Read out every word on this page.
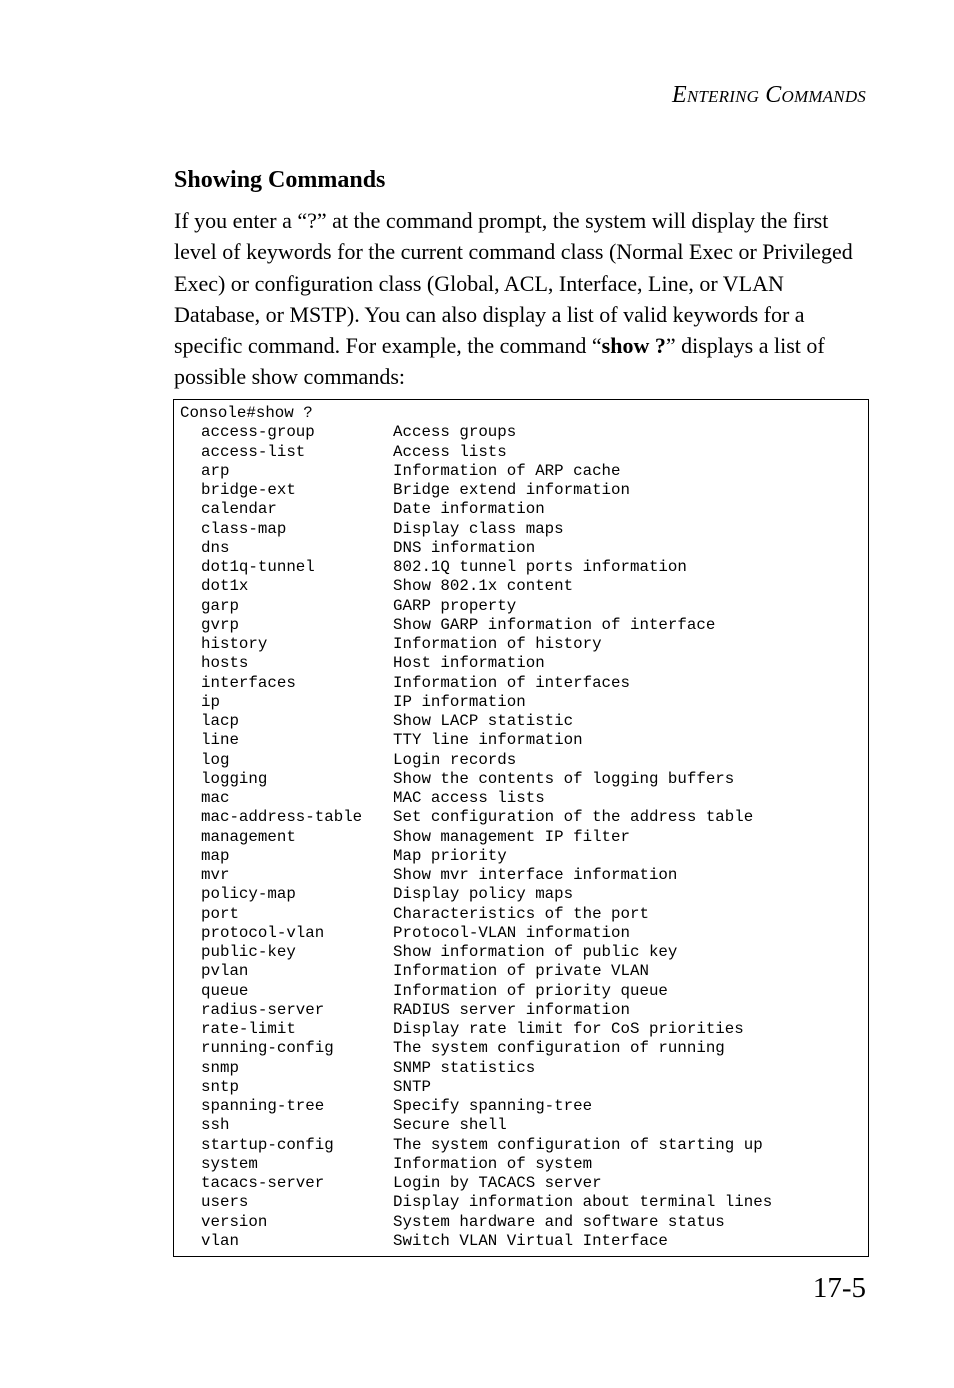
Entering Commands
Showing Commands

If you enter a “?” at the command prompt, the system will display the first level of keywords for the current command class (Normal Exec or Privileged Exec) or configuration class (Global, ACL, Interface, Line, or VLAN Database, or MSTP). You can also display a list of valid keywords for a specific command. For example, the command “show ?” displays a list of possible show commands:

Console#show ?
access-group	Access groups
access-list	Access lists
arp	Information of ARP cache
bridge-ext	Bridge extend information
calendar	Date information
class-map	Display class maps
dns	DNS information
dot1q-tunnel	802.1Q tunnel ports information
dot1x	Show 802.1x content
garp	GARP property
gvrp	Show GARP information of interface
history	Information of history
hosts	Host information
interfaces	Information of interfaces
ip	IP information
lacp	Show LACP statistic
line	TTY line information
log	Login records
logging	Show the contents of logging buffers
mac	MAC access lists
mac-address-table Set configuration of the address table
management	Show management IP filter
map	Map priority
mvr	Show mvr interface information
policy-map	Display policy maps
port	Characteristics of the port
protocol-vlan	Protocol-VLAN information
public-key	Show information of public key
pvlan	Information of private VLAN
queue	Information of priority queue
radius-server	RADIUS server information
rate-limit	Display rate limit for CoS priorities
running-config	The system configuration of running
snmp	SNMP statistics
sntp	SNTP
spanning-tree	Specify spanning-tree
ssh	Secure shell
startup-config	The system configuration of starting up
system	Information of system
tacacs-server	Login by TACACS server
users	Display information about terminal lines
version	System hardware and software status
vlan	Switch VLAN Virtual Interface
17-5
